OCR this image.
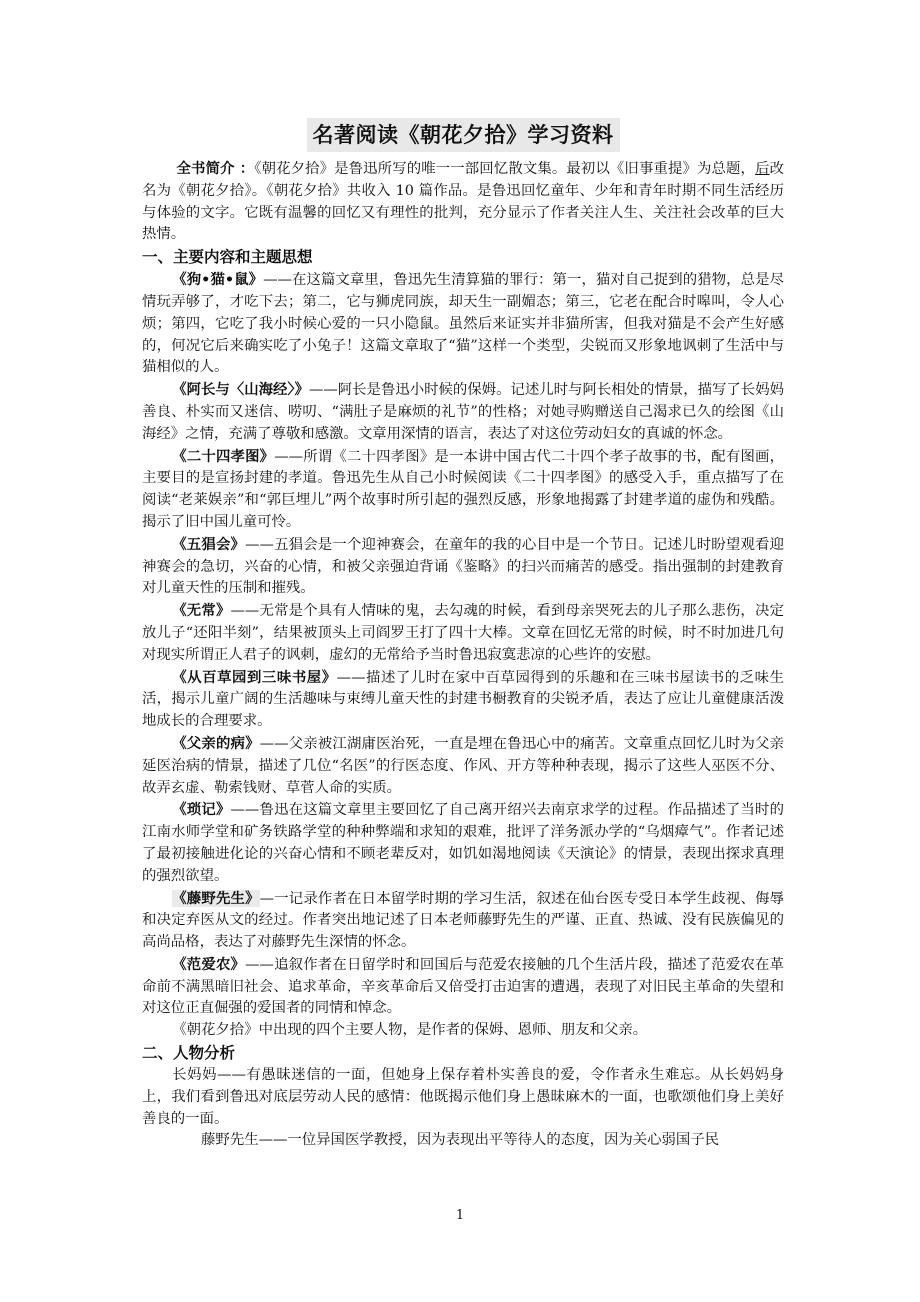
名著阅读《朝花夕拾》学习资料

全书简介 ：《朝花夕拾》是鲁迅所写的唯一一部回忆散文集。最初以《旧事重提》为总题，后改名为《朝花夕拾》。《朝花夕拾》共收入 10 篇作品。是鲁迅回忆童年、少年和青年时期不同生活经历与体验的文字。它既有温馨的回忆又有理性的批判，充分显示了作者关注人生、关注社会改革的巨大热情。

一、主要内容和主题思想

《狗•猫•鼠》——在这篇文章里，鲁迅先生清算猫的罪行：第一，猫对自己捉到的猎物，总是尽情玩弄够了，才吃下去；第二，它与狮虎同族，却天生一副媚态；第三，它老在配合时嗥叫，令人心烦；第四，它吃了我小时候心爱的一只小隐鼠。虽然后来证实并非猫所害，但我对猫是不会产生好感的，何况它后来确实吃了小兔子！这篇文章取了“猫”这样一个类型，尖锐而又形象地讽刺了生活中与猫相似的人。

《阿长与〈山海经〉》——阿长是鲁迅小时候的保姆。记述儿时与阿长相处的情景，描写了长妈妈善良、朴实而又迷信、唠叨、“满肚子是麻烦的礼节”的性格；对她寻购赠送自己渴求已久的绘图《山海经》之情，充满了尊敬和感激。文章用深情的语言，表达了对这位劳动妇女的真诚的怀念。

《二十四孝图》——所谓《二十四孝图》是一本讲中国古代二十四个孝子故事的书，配有图画，主要目的是宣扬封建的孝道。鲁迅先生从自己小时候阅读《二十四孝图》的感受入手，重点描写了在阅读“老莱娱亲”和“郭巨埋儿”两个故事时所引起的强烈反感，形象地揭露了封建孝道的虚伪和残酷。揭示了旧中国儿童可怜。

《五猖会》——五猖会是一个迎神赛会，在童年的我的心目中是一个节日。记述儿时盼望观看迎神赛会的急切，兴奋的心情，和被父亲强迫背诵《鉴略》的扫兴而痛苦的感受。指出强制的封建教育对儿童天性的压制和摧残。

《无常》——无常是个具有人情味的鬼，去勾魂的时候，看到母亲哭死去的儿子那么悲伤，决定放儿子“还阳半刻”，结果被顶头上司阎罗王打了四十大棒。文章在回忆无常的时候，时不时加进几句对现实所谓正人君子的讽刺，虚幻的无常给予当时鲁迅寂寞悲凉的心些许的安慰。

《从百草园到三味书屋》——描述了儿时在家中百草园得到的乐趣和在三味书屋读书的乏味生活，揭示儿童广阔的生活趣味与束缚儿童天性的封建书橱教育的尖锐矛盾，表达了应让儿童健康活泼地成长的合理要求。

《父亲的病》——父亲被江湖庸医治死，一直是埋在鲁迅心中的痛苦。文章重点回忆儿时为父亲延医治病的情景，描述了几位“名医”的行医态度、作风、开方等种种表现，揭示了这些人巫医不分、故弄玄虚、勒索钱财、草菅人命的实质。

《琐记》——鲁迅在这篇文章里主要回忆了自己离开绍兴去南京求学的过程。作品描述了当时的江南水师学堂和矿务铁路学堂的种种弊端和求知的艰难，批评了洋务派办学的“乌烟瘴气”。作者记述了最初接触进化论的兴奋心情和不顾老辈反对，如饥如渴地阅读《天演论》的情景，表现出探求真理的强烈欲望。

《藤野先生》—一记录作者在日本留学时期的学习生活，叙述在仙台医专受日本学生歧视、侮辱和决定弃医从文的经过。作者突出地记述了日本老师藤野先生的严谨、正直、热诚、没有民族偏见的高尚品格，表达了对藤野先生深情的怀念。

《范爱农》——追叙作者在日留学时和回国后与范爱农接触的几个生活片段，描述了范爱农在革命前不满黑暗旧社会、追求革命，辛亥革命后又倍受打击迫害的遭遇，表现了对旧民主革命的失望和对这位正直倔强的爱国者的同情和悼念。

《朝花夕拾》中出现的四个主要人物，是作者的保姆、恩师、朋友和父亲。

二、人物分析

长妈妈——有愚昧迷信的一面，但她身上保存着朴实善良的爱，令作者永生难忘。从长妈妈身上，我们看到鲁迅对底层劳动人民的感情：他既揭示他们身上愚昧麻木的一面，也歌颂他们身上美好善良的一面。

藤野先生——一位异国医学教授，因为表现出平等待人的态度，因为关心弱国子民

1
